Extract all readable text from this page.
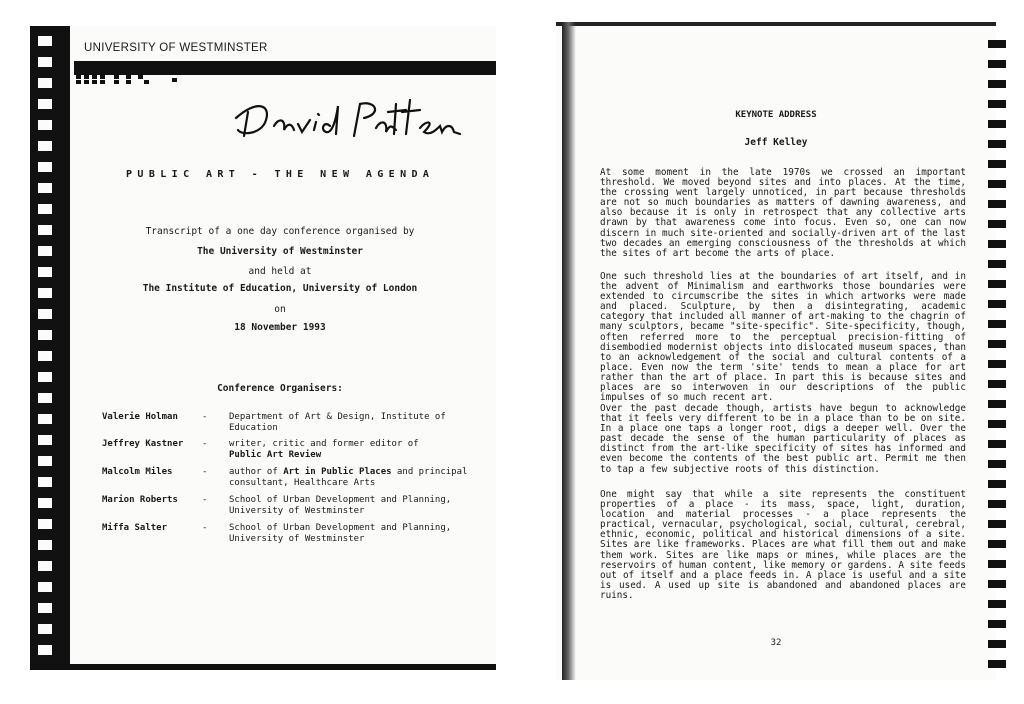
UNIVERSITY OF WESTMINSTER
PUBLIC ART - THE NEW AGENDA
Transcript of a one day conference organised by
The University of Westminster
and held at
The Institute of Education, University of London
on
18 November 1993
Conference Organisers:
Valerie Holman	- Department of Art & Design, Institute of Education
Jeffrey Kastner - writer, critic and former editor of
Public Art Review
Malcolm Miles	- author of Art in Public Places and principal consultant, Healthcare Arts
Marion Roberts	- School of Urban Development and Planning, University of Westminster
Miffa Salter	- School of Urban Development and Planning, University of Westminster
KEYNOTE ADDRESS
Jeff Kelley

At some moment in the late 1970s we crossed an important threshold. We moved beyond sites and into places. At the time, the crossing went largely unnoticed, in part because thresholds are not so much boundaries as matters of dawning awareness, and also because it is only in retrospect that any collective arts drawn by that awareness come into focus. Even so, one can now discern in much site-oriented and socially-driven art of the last two decades an emerging consciousness of the thresholds at which the sites of art become the arts of place.

One such threshold lies at the boundaries of art itself, and in the advent of Minimalism and earthworks those boundaries were extended to circumscribe the sites in which artworks were made and placed. Sculpture, by then a disintegrating, academic category that included all manner of art-making to the chagrin of many sculptors, became "site-specific". Site-specificity, though, often referred more to the perceptual precision-fitting of disembodied modernist objects into dislocated museum spaces, than to an acknowledgement of the social and cultural contents of a place. Even now the term 'site' tends to mean a place for art rather than the art of place. In part this is because sites and places are so interwoven in our descriptions of the public impulses of so much recent art.

Over the past decade though, artists have begun to acknowledge that it feels very different to be in a place than to be on site. In a place one taps a longer root, digs a deeper well. Over the past decade the sense of the human particularity of places as distinct from the art-like specificity of sites has informed and even become the contents of the best public art. Permit me then to tap a few subjective roots of this distinction.

One might say that while a site represents the constituent properties of a place - its mass, space, light, duration, location and material processes - a place represents the practical, vernacular, psychological, social, cultural, cerebral, ethnic, economic, political and historical dimensions of a site. Sites are like frameworks. Places are what fill them out and make them work. Sites are like maps or mines, while places are the reservoirs of human content, like memory or gardens. A site feeds out of itself and a place feeds in. A place is useful and a site is used. A used up site is abandoned and abandoned places are ruins.

32
